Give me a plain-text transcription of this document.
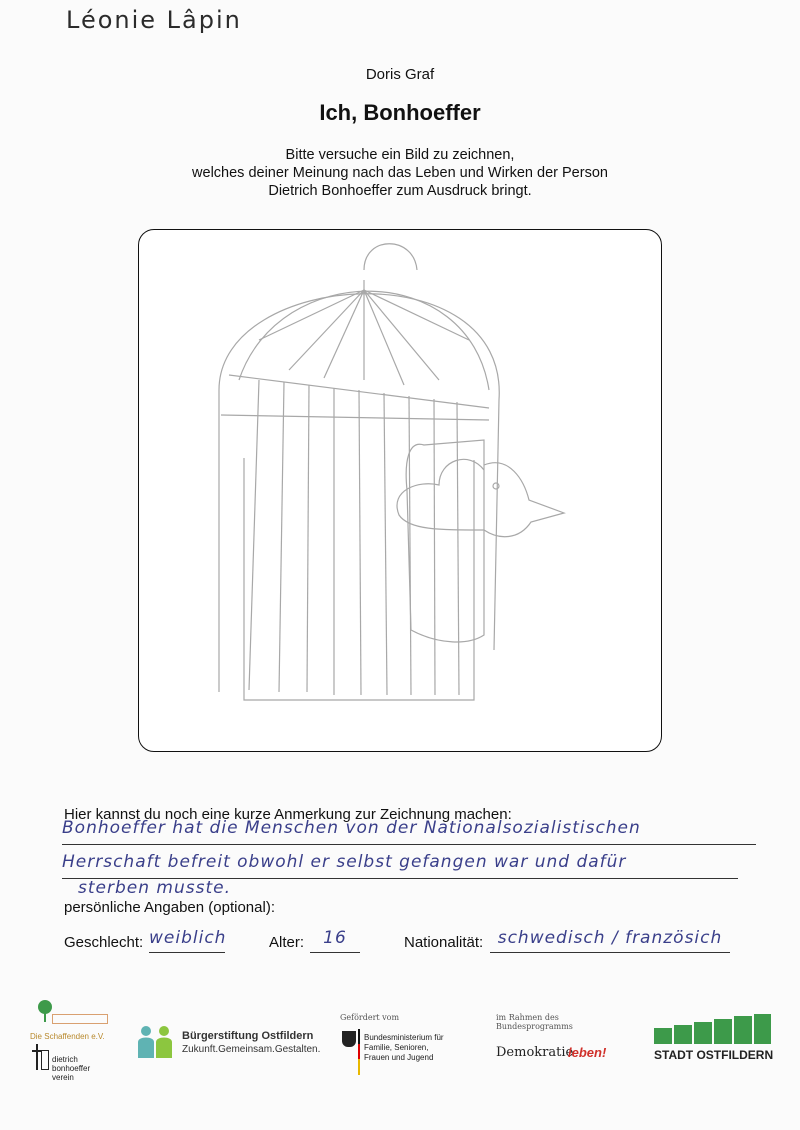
Léonie Lâpin
Doris Graf
Ich, Bonhoeffer
Bitte versuche ein Bild zu zeichnen,
welches deiner Meinung nach das Leben und Wirken der Person
Dietrich Bonhoeffer zum Ausdruck bringt.
Hier kannst du noch eine kurze Anmerkung zur Zeichnung machen:
Bonhoeffer hat die Menschen von der Nationalsozialistischen
Herrschaft befreit obwohl er selbst gefangen war und dafür
sterben musste.
persönliche Angaben (optional):
Geschlecht: weiblich	Alter:	16	Nationalität: schwedisch / französich
Die Schaffenden e.V.
dietrich bonhoeffer verein
Bürgerstiftung Ostfildern
Zukunft.Gemeinsam.Gestalten.
Gefördert vom
Bundesministerium für Familie, Senioren, Frauen und Jugend
im Rahmen des Bundesprogramms
Demokratie
leben!	STADT OSTFILDERN
